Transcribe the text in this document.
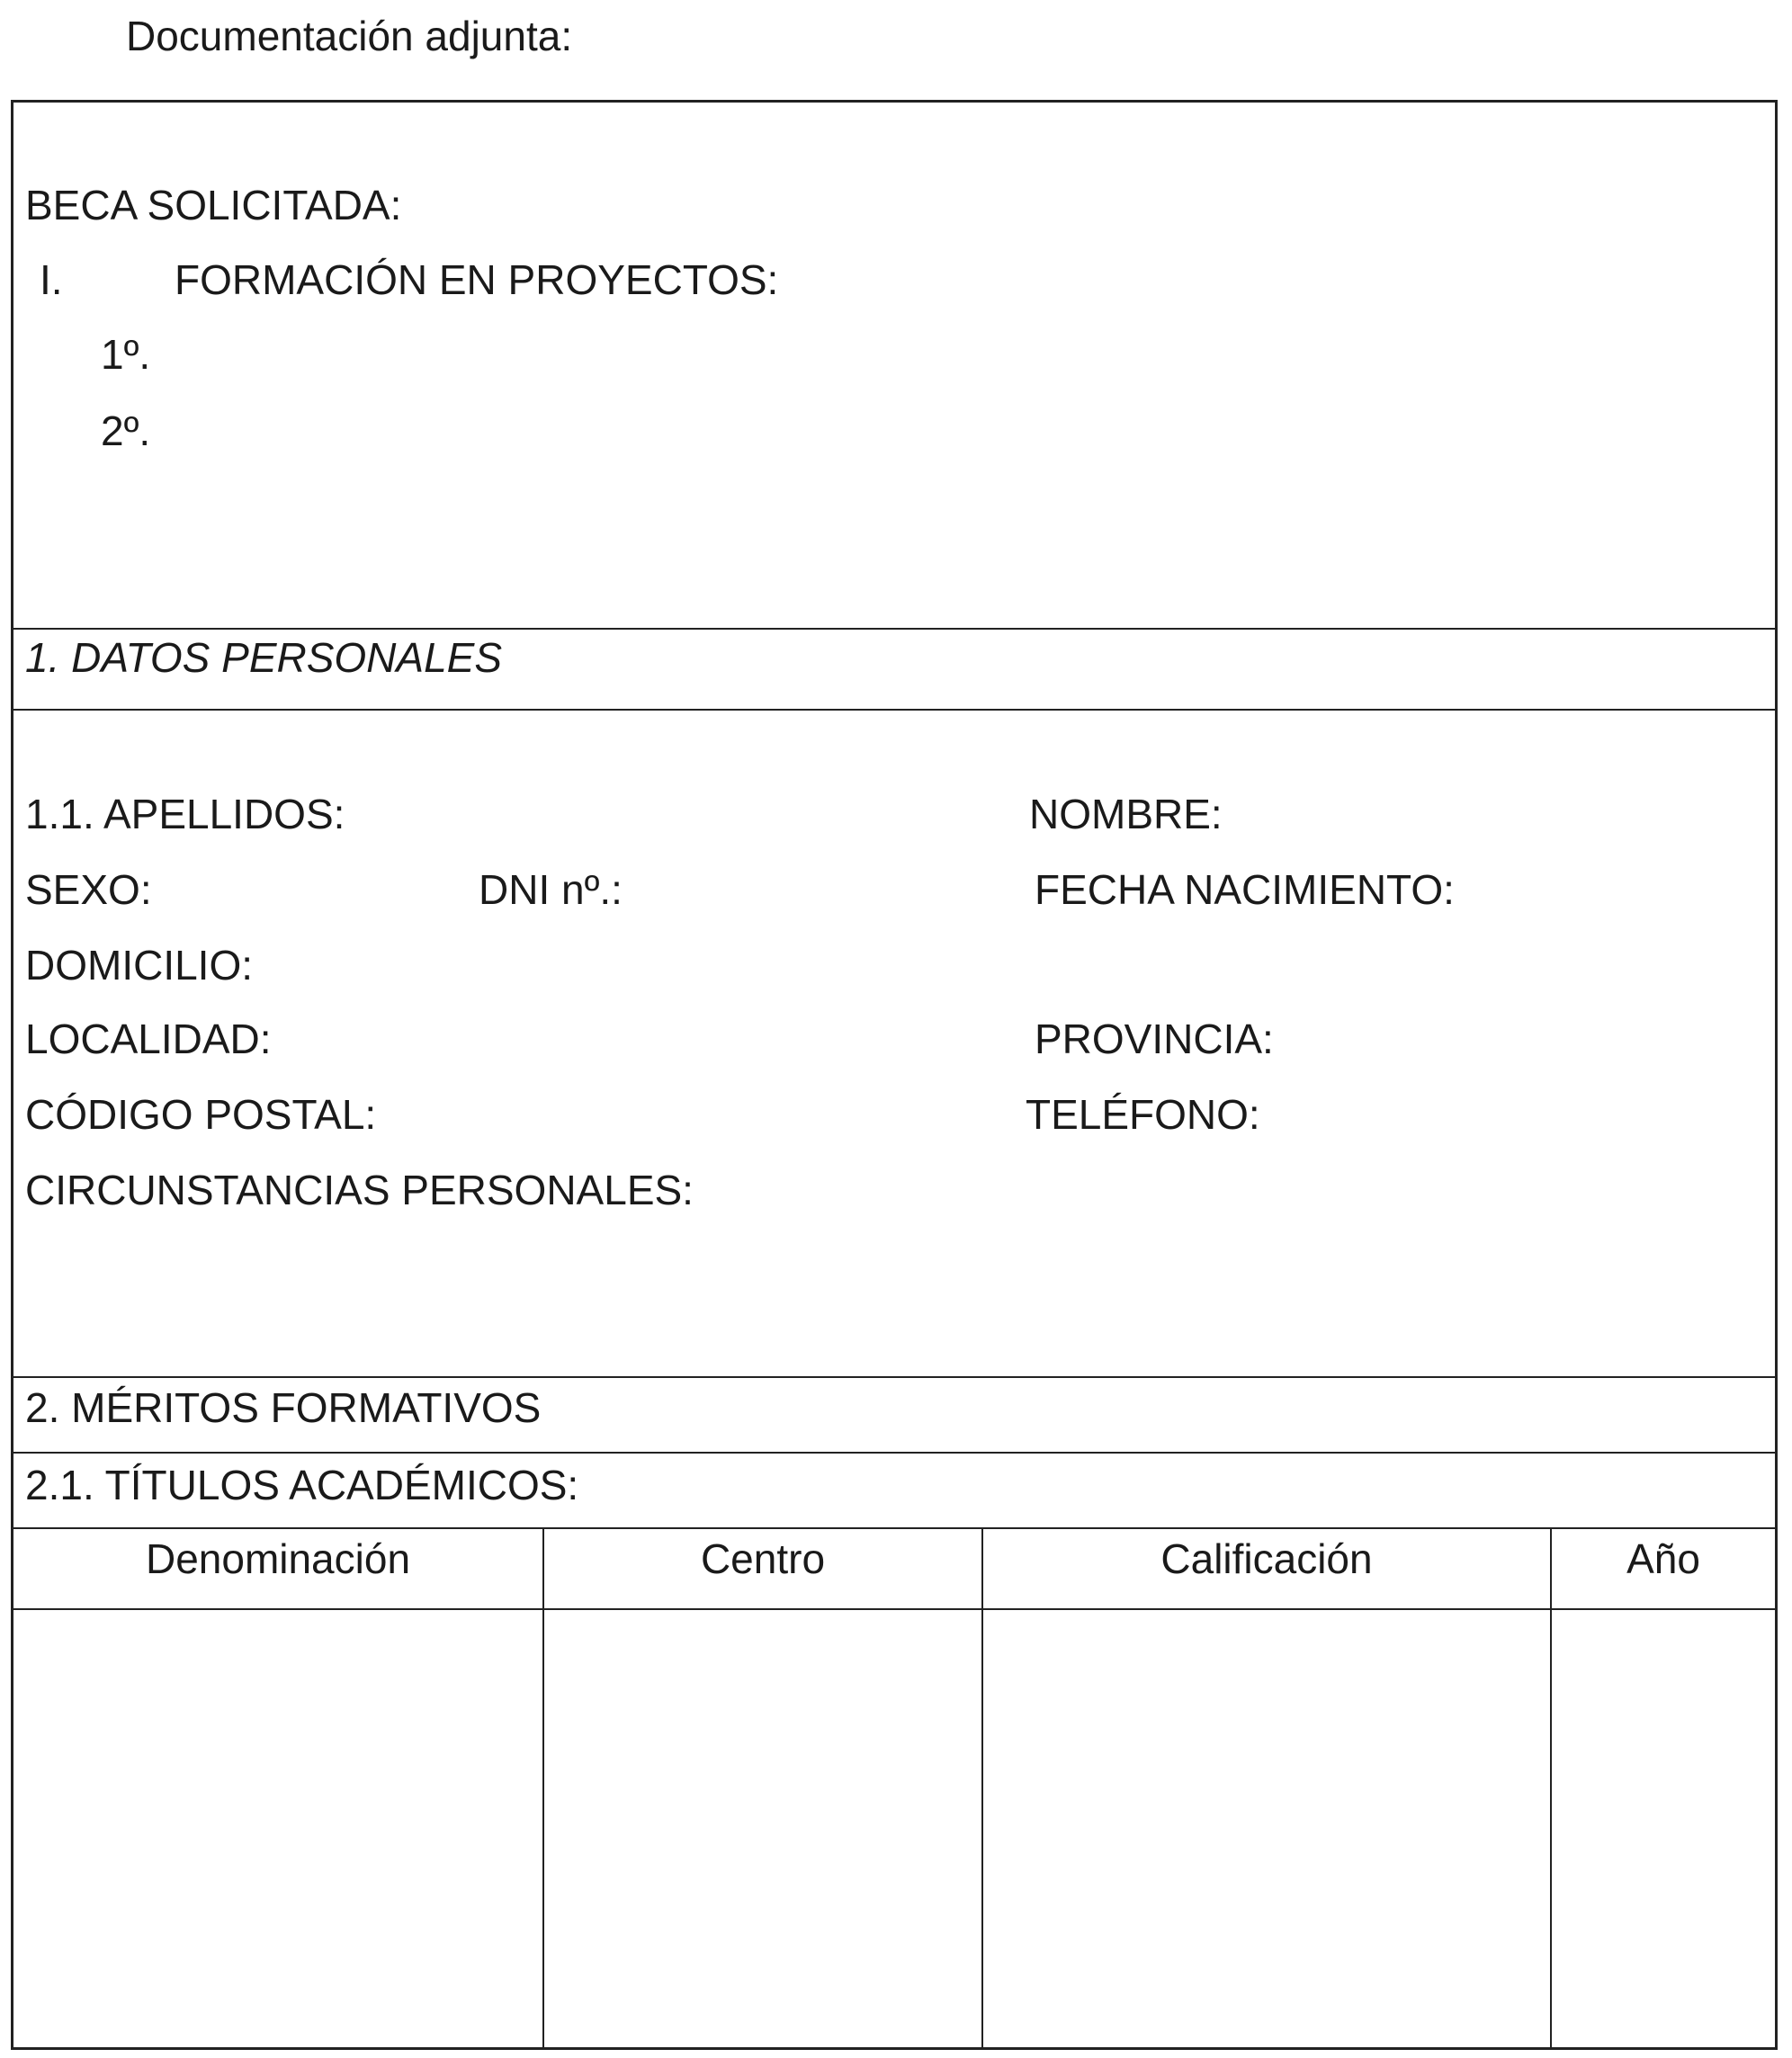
Documentación adjunta:
BECA SOLICITADA:
I.	FORMACIÓN EN PROYECTOS:
1º.
2º.
1. DATOS PERSONALES
1.1. APELLIDOS:	NOMBRE:
SEXO:	DNI nº.:	FECHA NACIMIENTO:
DOMICILIO:
LOCALIDAD:	PROVINCIA:
CÓDIGO POSTAL:	TELÉFONO:
CIRCUNSTANCIAS PERSONALES:
2. MÉRITOS FORMATIVOS
2.1. TÍTULOS ACADÉMICOS:
Denominación	Centro	Calificación	Año
